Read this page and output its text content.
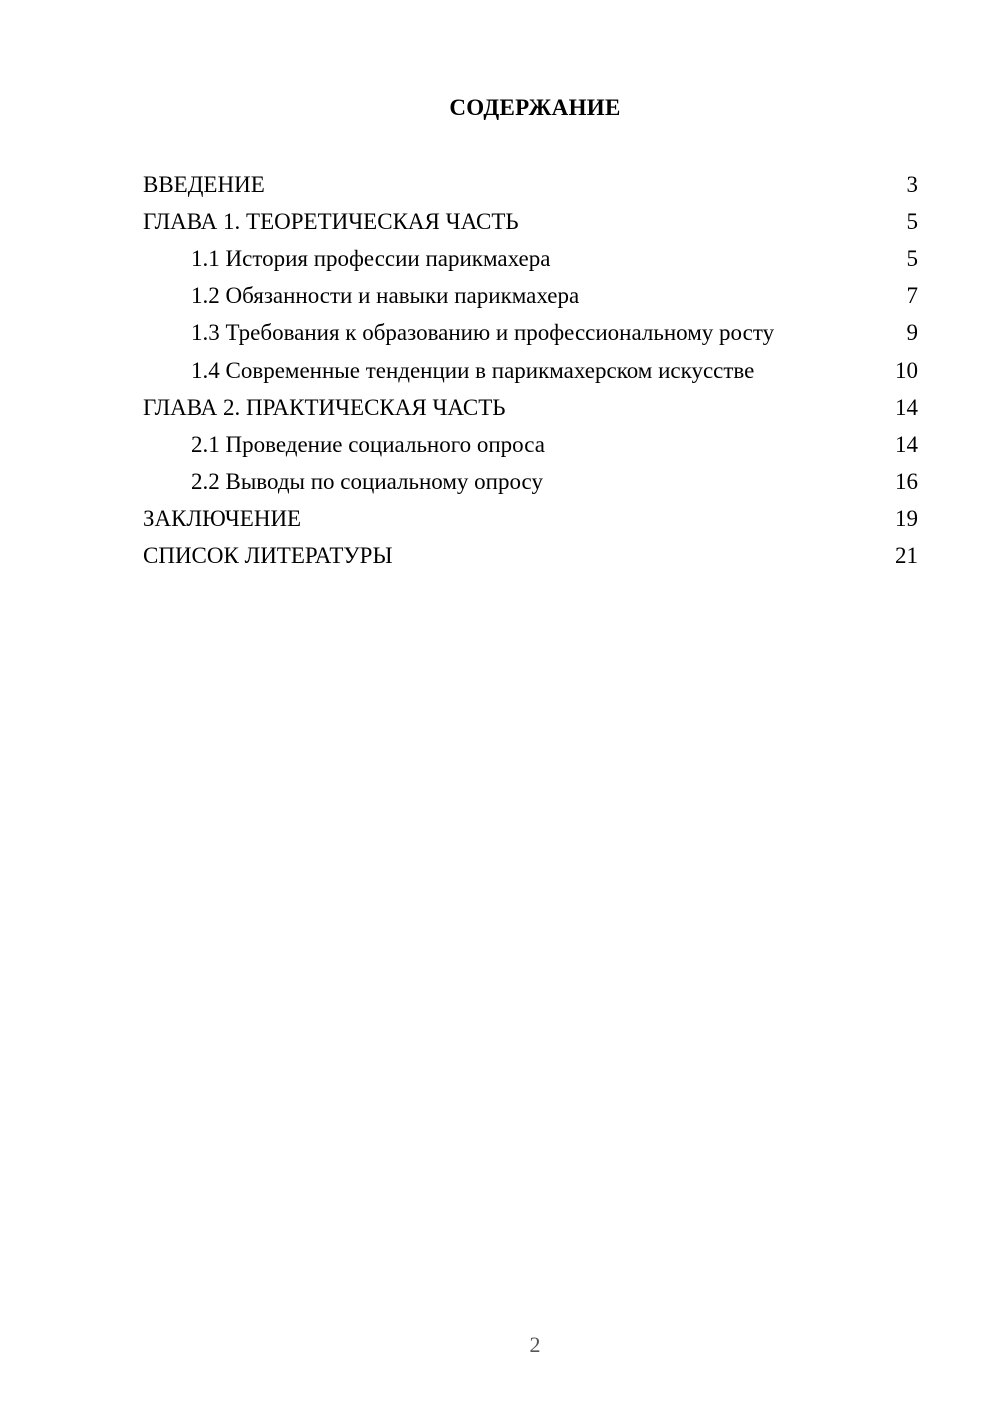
СОДЕРЖАНИЕ
ВВЕДЕНИЕ	3
ГЛАВА 1. ТЕОРЕТИЧЕСКАЯ ЧАСТЬ	5
1.1 История профессии парикмахера	5
1.2 Обязанности и навыки парикмахера	7
1.3 Требования к образованию и профессиональному росту	9
1.4 Современные тенденции в парикмахерском искусстве	10
ГЛАВА 2. ПРАКТИЧЕСКАЯ ЧАСТЬ	14
2.1 Проведение социального опроса	14
2.2 Выводы по социальному опросу	16
ЗАКЛЮЧЕНИЕ	19
СПИСОК ЛИТЕРАТУРЫ	21
2
